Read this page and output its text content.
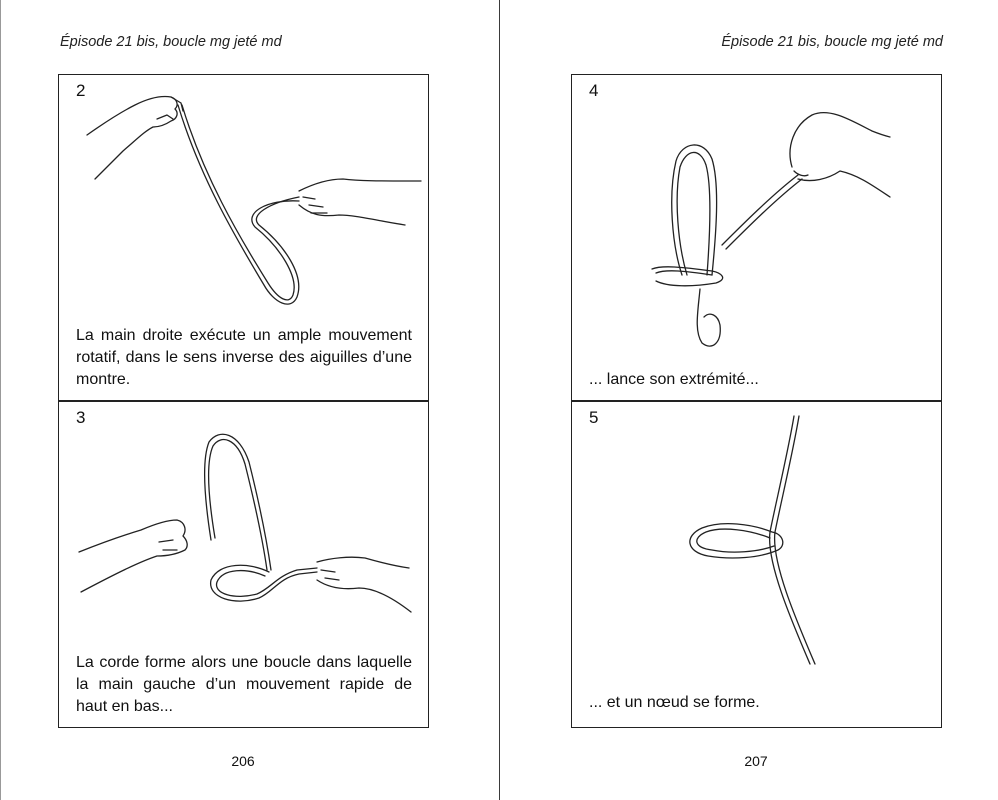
Épisode 21 bis, boucle mg jeté md
2
La main droite exécute un ample mouvement rotatif, dans le sens inverse des aiguilles d’une montre.
3
La corde forme alors une boucle dans laquelle la main gauche d’un mouvement rapide de haut en bas...
206
Épisode 21 bis, boucle mg jeté md
4
... lance son extrémité...
5
... et un nœud se forme.
207
